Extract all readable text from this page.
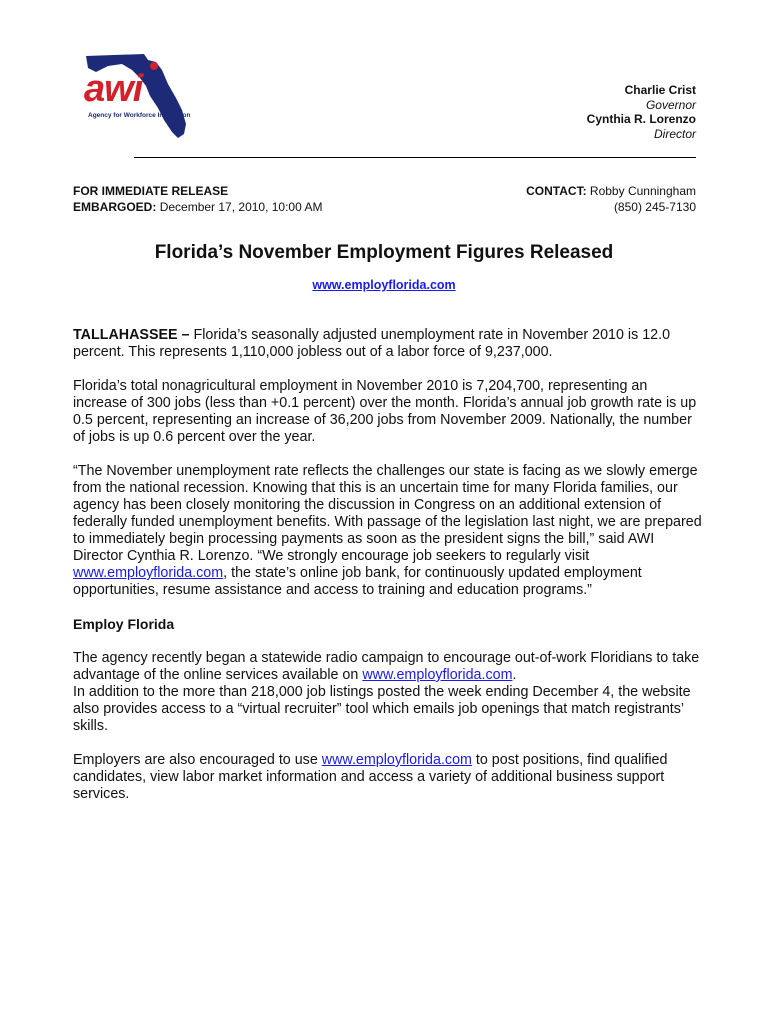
awi
Agency for Workforce Innovation
Charlie Crist
Governor
Cynthia R. Lorenzo
Director
FOR IMMEDIATE RELEASE
EMBARGOED: December 17, 2010, 10:00 AM
CONTACT: Robby Cunningham
(850) 245-7130
Florida’s November Employment Figures Released
www.employflorida.com

TALLAHASSEE – Florida’s seasonally adjusted unemployment rate in November 2010 is 12.0 percent. This represents 1,110,000 jobless out of a labor force of 9,237,000.

Florida’s total nonagricultural employment in November 2010 is 7,204,700, representing an increase of 300 jobs (less than +0.1 percent) over the month. Florida’s annual job growth rate is up 0.5 percent, representing an increase of 36,200 jobs from November 2009. Nationally, the number of jobs is up 0.6 percent over the year.

“The November unemployment rate reflects the challenges our state is facing as we slowly emerge from the national recession. Knowing that this is an uncertain time for many Florida families, our agency has been closely monitoring the discussion in Congress on an additional extension of federally funded unemployment benefits. With passage of the legislation last night, we are prepared to immediately begin processing payments as soon as the president signs the bill,” said AWI Director Cynthia R. Lorenzo. “We strongly encourage job seekers to regularly visit www.employflorida.com, the state’s online job bank, for continuously updated employment opportunities, resume assistance and access to training and education programs.”

Employ Florida

The agency recently began a statewide radio campaign to encourage out-of-work Floridians to take advantage of the online services available on www.employflorida.com.
In addition to the more than 218,000 job listings posted the week ending December 4, the website also provides access to a “virtual recruiter” tool which emails job openings that match registrants’ skills.

Employers are also encouraged to use www.employflorida.com to post positions, find qualified candidates, view labor market information and access a variety of additional business support services.
